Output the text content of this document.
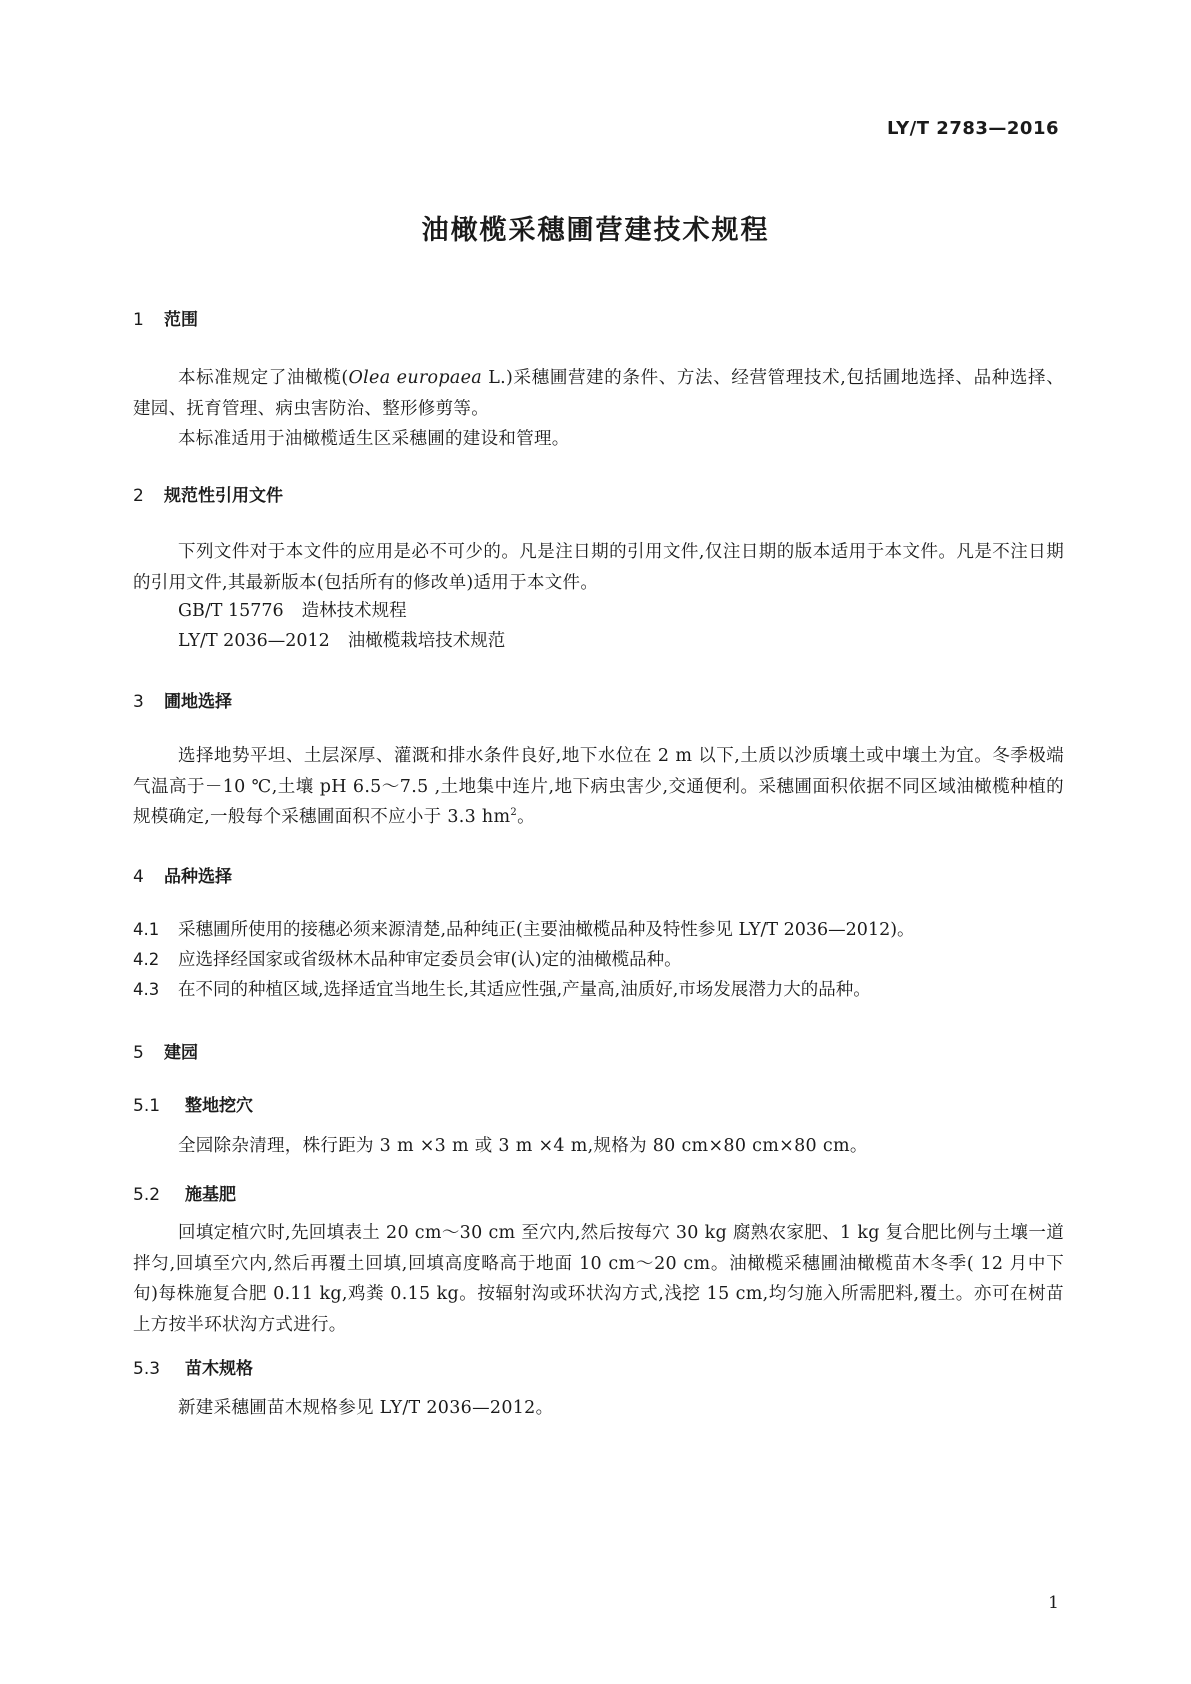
LY/T 2783—2016
油橄榄采穗圃营建技术规程
1 范围
本标准规定了油橄榄(Olea europaea L.)采穗圃营建的条件、方法、经营管理技术,包括圃地选择、品种选择、建园、抚育管理、病虫害防治、整形修剪等。
本标准适用于油橄榄适生区采穗圃的建设和管理。
2 规范性引用文件
下列文件对于本文件的应用是必不可少的。凡是注日期的引用文件,仅注日期的版本适用于本文件。凡是不注日期的引用文件,其最新版本(包括所有的修改单)适用于本文件。
GB/T 15776 造林技术规程
LY/T 2036—2012 油橄榄栽培技术规范
3 圃地选择
选择地势平坦、土层深厚、灌溉和排水条件良好,地下水位在 2 m 以下,土质以沙质壤土或中壤土为宜。冬季极端气温高于－10 ℃,土壤 pH 6.5～7.5 ,土地集中连片,地下病虫害少,交通便利。采穗圃面积依据不同区域油橄榄种植的规模确定,一般每个采穗圃面积不应小于 3.3 $hm^2$。
4 品种选择
4.1 采穗圃所使用的接穗必须来源清楚,品种纯正(主要油橄榄品种及特性参见 LY/T 2036—2012)。
4.2 应选择经国家或省级林木品种审定委员会审(认)定的油橄榄品种。
4.3 在不同的种植区域,选择适宜当地生长,其适应性强,产量高,油质好,市场发展潜力大的品种。
5 建园
5.1 整地挖穴
全园除杂清理，株行距为 3 m ×3 m 或 3 m ×4 m,规格为 80 cm×80 cm×80 cm。
5.2 施基肥
回填定植穴时,先回填表土 20 cm～30 cm 至穴内,然后按每穴 30 kg 腐熟农家肥、1 kg 复合肥比例与土壤一道拌匀,回填至穴内,然后再覆土回填,回填高度略高于地面 10 cm～20 cm。油橄榄采穗圃油橄榄苗木冬季( 12 月中下旬)每株施复合肥 0.11 kg,鸡粪 0.15 kg。按辐射沟或环状沟方式,浅挖 15 cm,均匀施入所需肥料,覆土。亦可在树苗上方按半环状沟方式进行。
5.3 苗木规格
新建采穗圃苗木规格参见 LY/T 2036—2012。
1
